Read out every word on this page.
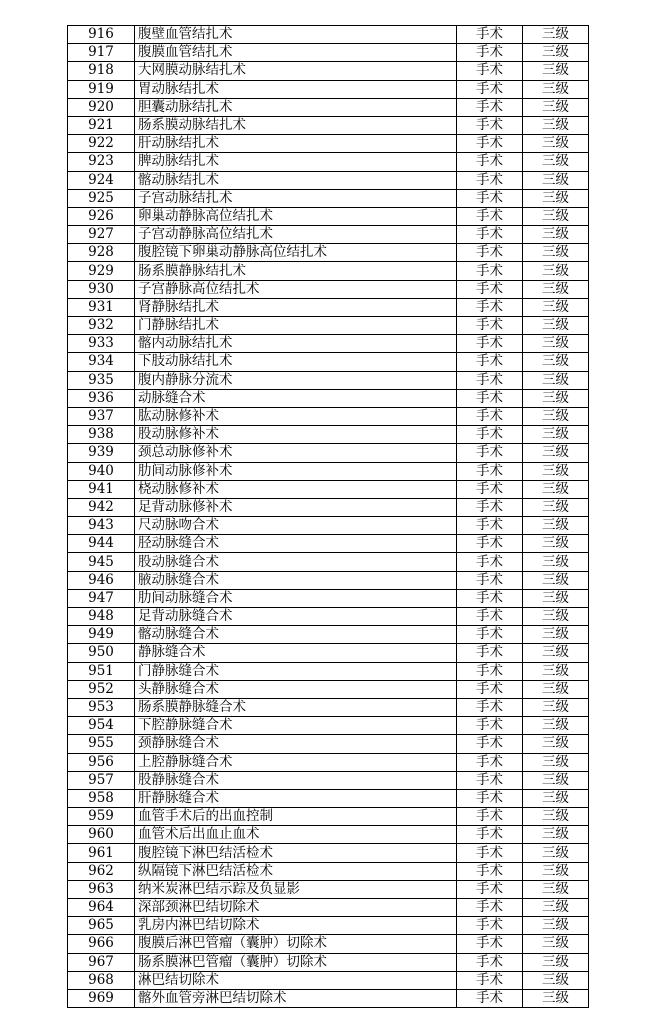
916	腹壁血管结扎术	手术	三级
917	腹膜血管结扎术	手术	三级
918	大网膜动脉结扎术	手术	三级
919	胃动脉结扎术	手术	三级
920	胆囊动脉结扎术	手术	三级
921	肠系膜动脉结扎术	手术	三级
922	肝动脉结扎术	手术	三级
923	脾动脉结扎术	手术	三级
924	髂动脉结扎术	手术	三级
925	子宫动脉结扎术	手术	三级
926	卵巢动静脉高位结扎术	手术	三级
927	子宫动静脉高位结扎术	手术	三级
928	腹腔镜下卵巢动静脉高位结扎术	手术	三级
929	肠系膜静脉结扎术	手术	三级
930	子宫静脉高位结扎术	手术	三级
931	肾静脉结扎术	手术	三级
932	门静脉结扎术	手术	三级
933	髂内动脉结扎术	手术	三级
934	下肢动脉结扎术	手术	三级
935	腹内静脉分流术	手术	三级
936	动脉缝合术	手术	三级
937	肱动脉修补术	手术	三级
938	股动脉修补术	手术	三级
939	颈总动脉修补术	手术	三级
940	肋间动脉修补术	手术	三级
941	桡动脉修补术	手术	三级
942	足背动脉修补术	手术	三级
943	尺动脉吻合术	手术	三级
944	胫动脉缝合术	手术	三级
945	股动脉缝合术	手术	三级
946	腋动脉缝合术	手术	三级
947	肋间动脉缝合术	手术	三级
948	足背动脉缝合术	手术	三级
949	髂动脉缝合术	手术	三级
950	静脉缝合术	手术	三级
951	门静脉缝合术	手术	三级
952	头静脉缝合术	手术	三级
953	肠系膜静脉缝合术	手术	三级
954	下腔静脉缝合术	手术	三级
955	颈静脉缝合术	手术	三级
956	上腔静脉缝合术	手术	三级
957	股静脉缝合术	手术	三级
958	肝静脉缝合术	手术	三级
959	血管手术后的出血控制	手术	三级
960	血管术后出血止血术	手术	三级
961	腹腔镜下淋巴结活检术	手术	三级
962	纵隔镜下淋巴结活检术	手术	三级
963	纳米炭淋巴结示踪及负显影	手术	三级
964	深部颈淋巴结切除术	手术	三级
965	乳房内淋巴结切除术	手术	三级
966	腹膜后淋巴管瘤（囊肿）切除术	手术	三级
967	肠系膜淋巴管瘤（囊肿）切除术	手术	三级
968	淋巴结切除术	手术	三级
969	髂外血管旁淋巴结切除术	手术	三级
